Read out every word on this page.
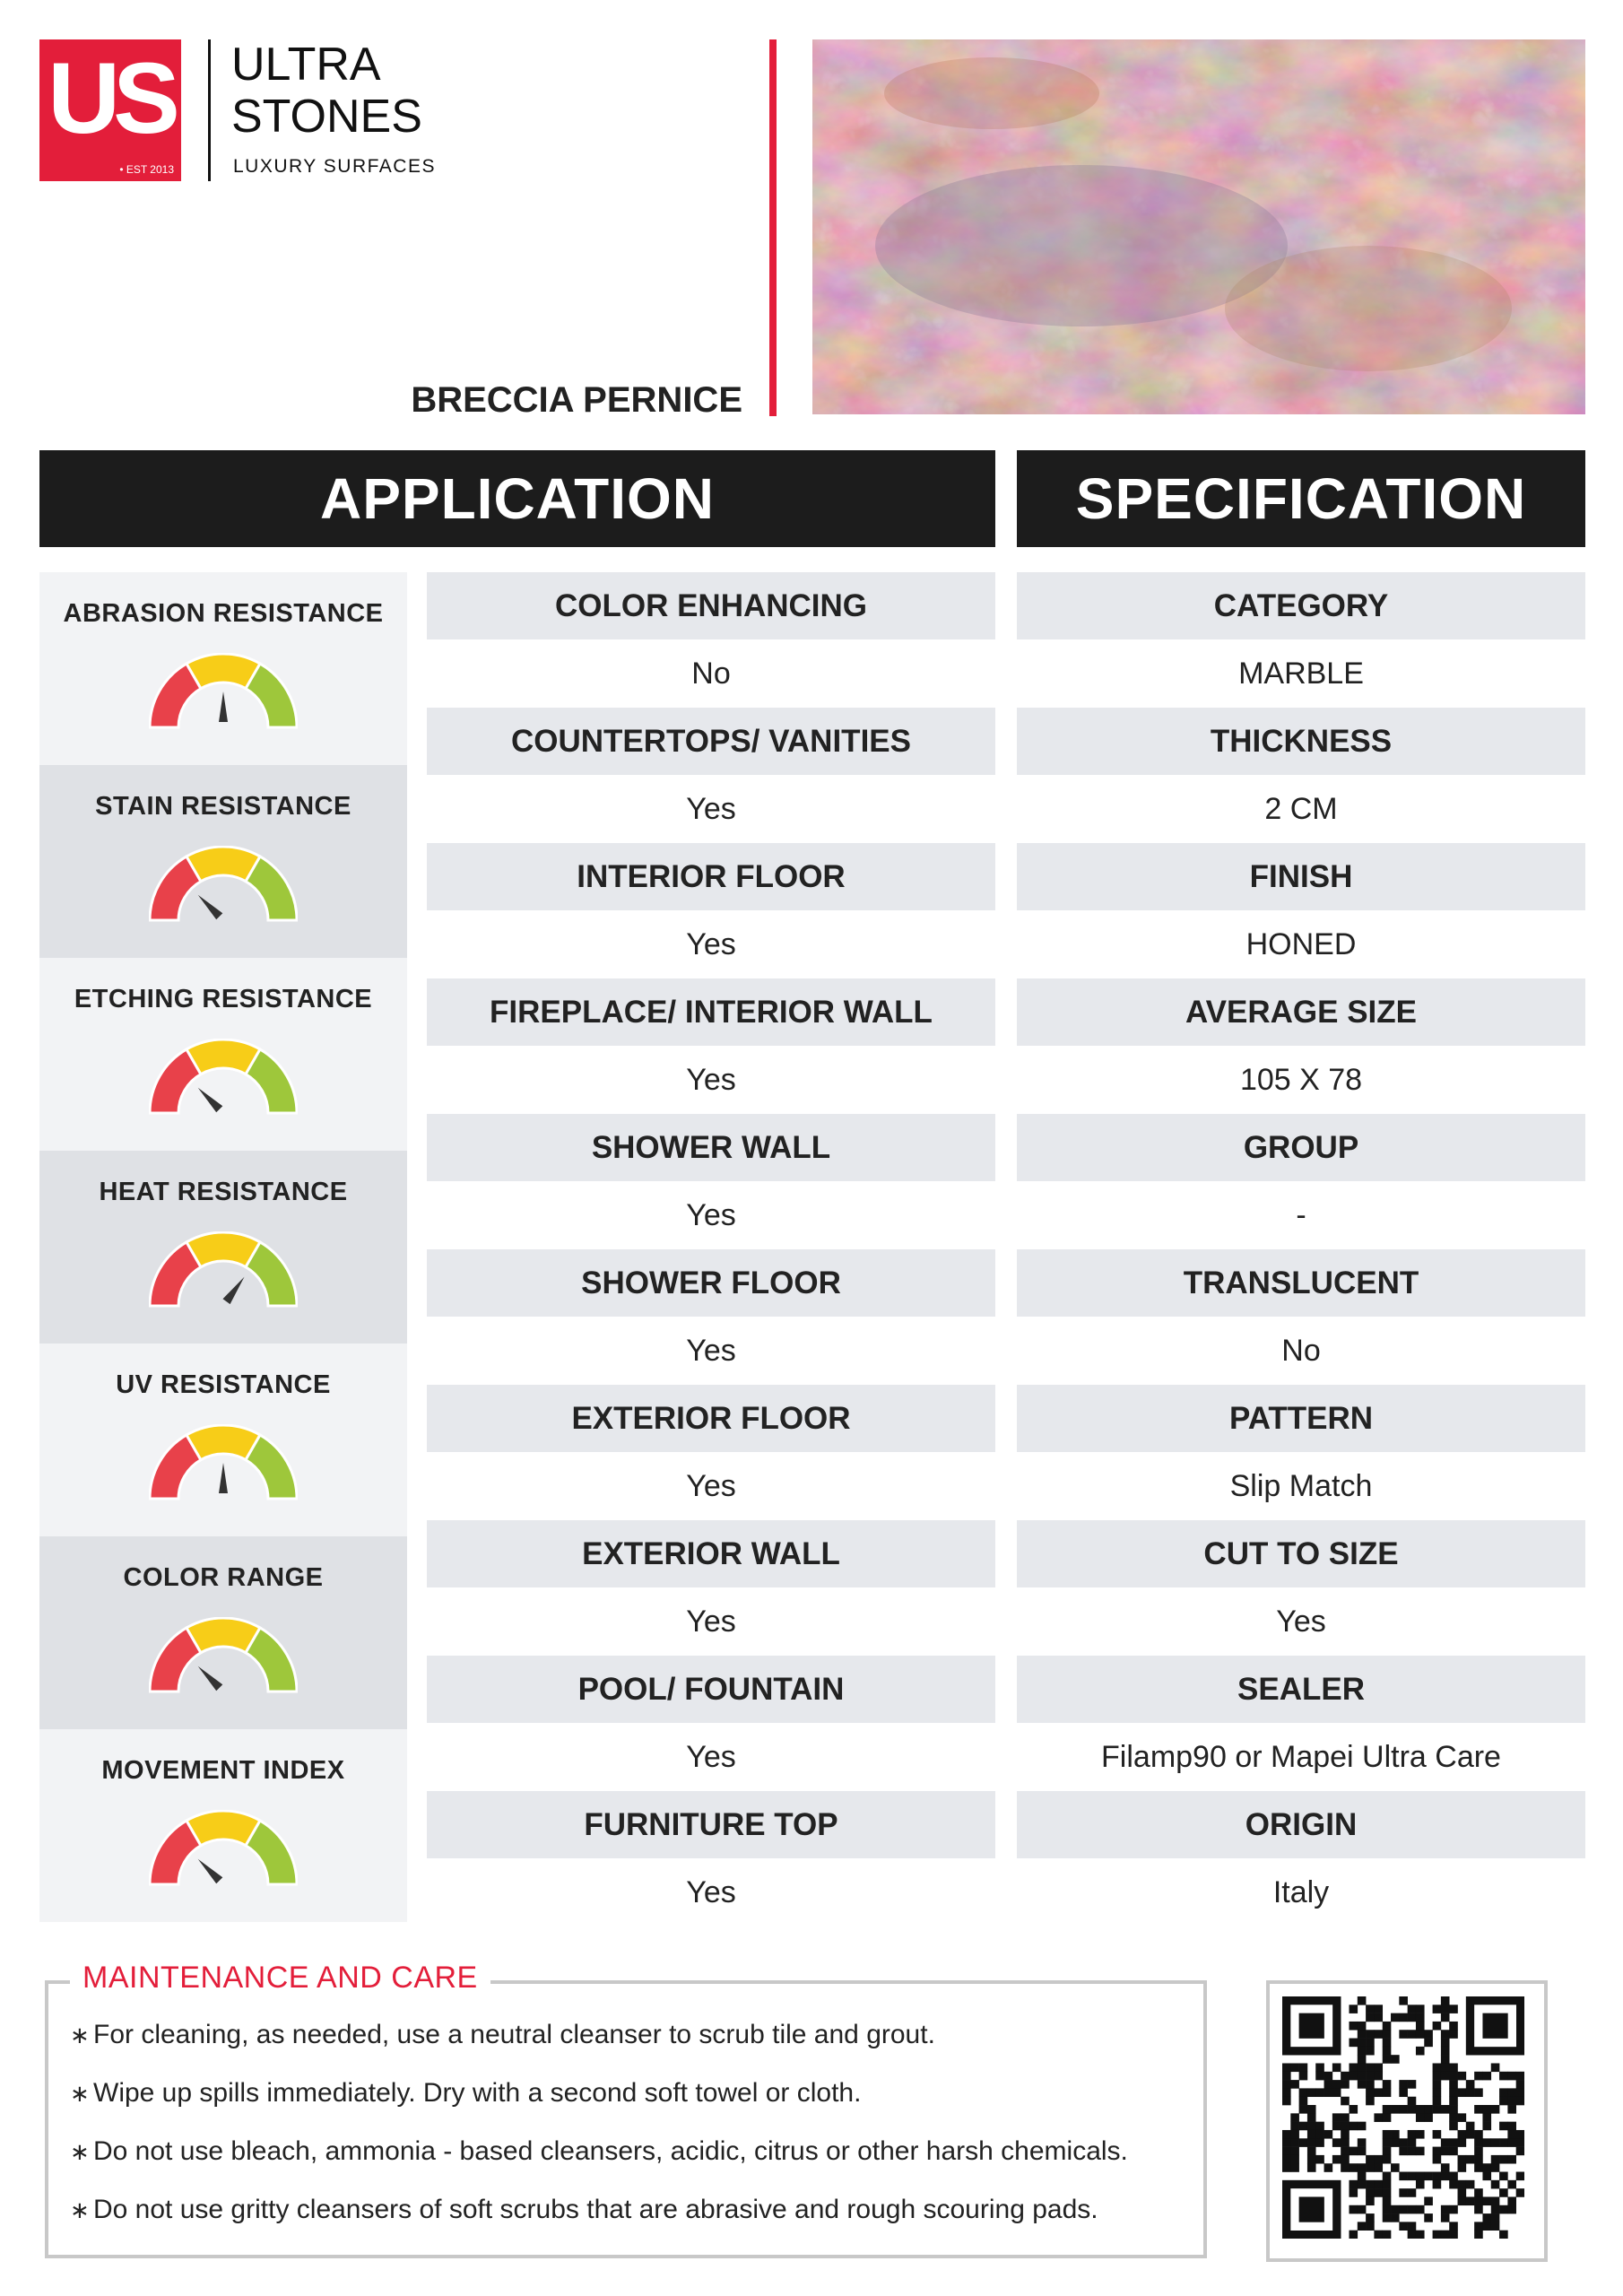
US
• EST 2013
ULTRA
STONES
LUXURY SURFACES
BRECCIA PERNICE
APPLICATION	SPECIFICATION
ABRASION RESISTANCE
STAIN RESISTANCE
ETCHING RESISTANCE
HEAT RESISTANCE
UV RESISTANCE
COLOR RANGE
MOVEMENT INDEX
COLOR ENHANCING
No
COUNTERTOPS/ VANITIES
Yes
INTERIOR FLOOR
Yes
FIREPLACE/ INTERIOR WALL
Yes
SHOWER WALL
Yes
SHOWER FLOOR
Yes
EXTERIOR FLOOR
Yes
EXTERIOR WALL
Yes
POOL/ FOUNTAIN
Yes
FURNITURE TOP
Yes
CATEGORY
MARBLE
THICKNESS
2 CM
FINISH
HONED
AVERAGE SIZE
105 X 78
GROUP
-
TRANSLUCENT
No
PATTERN
Slip Match
CUT TO SIZE
Yes
SEALER
Filamp90 or Mapei Ultra Care
ORIGIN
Italy
MAINTENANCE AND CARE
∗ For cleaning, as needed, use a neutral cleanser to scrub tile and grout.
∗ Wipe up spills immediately. Dry with a second soft towel or cloth.
∗ Do not use bleach, ammonia - based cleansers, acidic, citrus or other harsh chemicals.
∗ Do not use gritty cleansers of soft scrubs that are abrasive and rough scouring pads.
